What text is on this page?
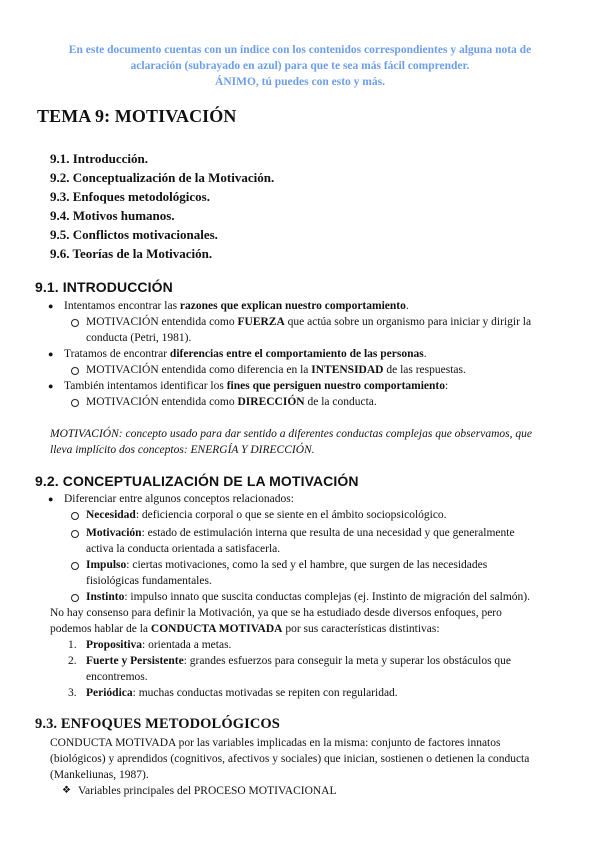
En este documento cuentas con un índice con los contenidos correspondientes y alguna nota de
aclaración (subrayado en azul) para que te sea más fácil comprender.
ÁNIMO, tú puedes con esto y más.
TEMA 9: MOTIVACIÓN
9.1. Introducción.
9.2. Conceptualización de la Motivación.
9.3. Enfoques metodológicos.
9.4. Motivos humanos.
9.5. Conflictos motivacionales.
9.6. Teorías de la Motivación.
9.1. INTRODUCCIÓN
● Intentamos encontrar las razones que explican nuestro comportamiento.
MOTIVACIÓN entendida como FUERZA que actúa sobre un organismo para iniciar y dirigir la
conducta (Petri, 1981).
● Tratamos de encontrar diferencias entre el comportamiento de las personas.
MOTIVACIÓN entendida como diferencia en la INTENSIDAD de las respuestas.
● También intentamos identificar los fines que persiguen nuestro comportamiento:
MOTIVACIÓN entendida como DIRECCIÓN de la conducta.
MOTIVACIÓN: concepto usado para dar sentido a diferentes conductas complejas que observamos, que
lleva implícito dos conceptos: ENERGÍA Y DIRECCIÓN.
9.2. CONCEPTUALIZACIÓN DE LA MOTIVACIÓN
● Diferenciar entre algunos conceptos relacionados:
Necesidad: deficiencia corporal o que se siente en el ámbito sociopsicológico.
Motivación: estado de estimulación interna que resulta de una necesidad y que generalmente
activa la conducta orientada a satisfacerla.
Impulso: ciertas motivaciones, como la sed y el hambre, que surgen de las necesidades
fisiológicas fundamentales.
Instinto: impulso innato que suscita conductas complejas (ej. Instinto de migración del salmón).
No hay consenso para definir la Motivación, ya que se ha estudiado desde diversos enfoques, pero
podemos hablar de la CONDUCTA MOTIVADA por sus características distintivas:
1. Propositiva: orientada a metas.
2. Fuerte y Persistente: grandes esfuerzos para conseguir la meta y superar los obstáculos que
encontremos.
3. Periódica: muchas conductas motivadas se repiten con regularidad.
9.3. ENFOQUES METODOLÓGICOS
CONDUCTA MOTIVADA por las variables implicadas en la misma: conjunto de factores innatos
(biológicos) y aprendidos (cognitivos, afectivos y sociales) que inician, sostienen o detienen la conducta
(Mankeliunas, 1987).
❖ Variables principales del PROCESO MOTIVACIONAL
